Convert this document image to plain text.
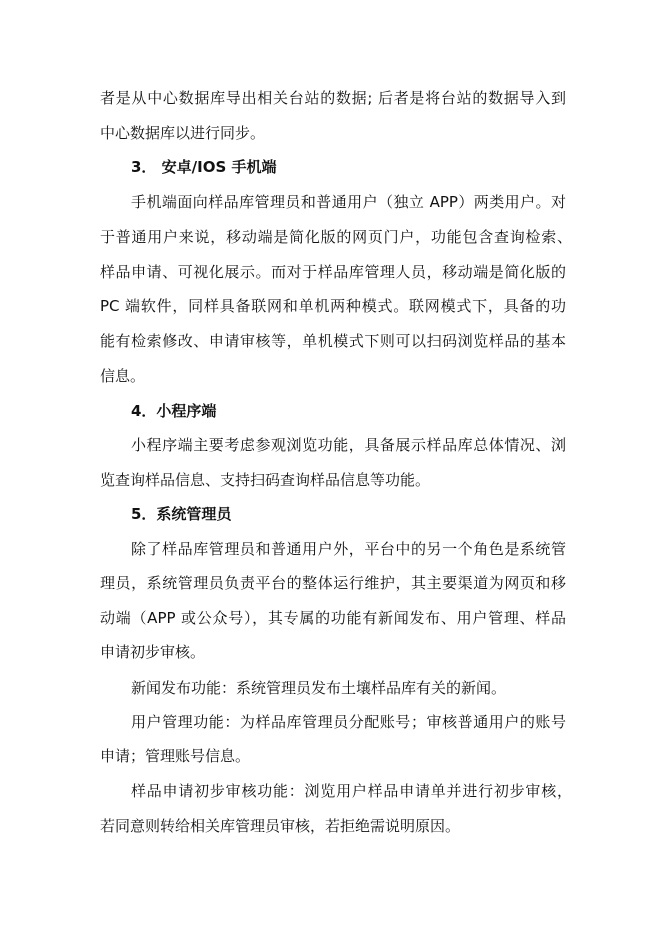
者是从中心数据库导出相关台站的数据; 后者是将台站的数据导入到
中心数据库以进行同步。
3． 安卓/IOS 手机端
手机端面向样品库管理员和普通用户（独立 APP）两类用户。对
于普通用户来说，移动端是简化版的网页门户，功能包含查询检索、
样品申请、可视化展示。而对于样品库管理人员，移动端是简化版的
PC 端软件，同样具备联网和单机两种模式。联网模式下，具备的功
能有检索修改、申请审核等，单机模式下则可以扫码浏览样品的基本
信息。
4．小程序端
小程序端主要考虑参观浏览功能，具备展示样品库总体情况、浏
览查询样品信息、支持扫码查询样品信息等功能。
5．系统管理员
除了样品库管理员和普通用户外，平台中的另一个角色是系统管
理员，系统管理员负责平台的整体运行维护，其主要渠道为网页和移
动端（APP 或公众号），其专属的功能有新闻发布、用户管理、样品
申请初步审核。
新闻发布功能：系统管理员发布土壤样品库有关的新闻。
用户管理功能：为样品库管理员分配账号；审核普通用户的账号
申请；管理账号信息。
样品申请初步审核功能：浏览用户样品申请单并进行初步审核，
若同意则转给相关库管理员审核，若拒绝需说明原因。
